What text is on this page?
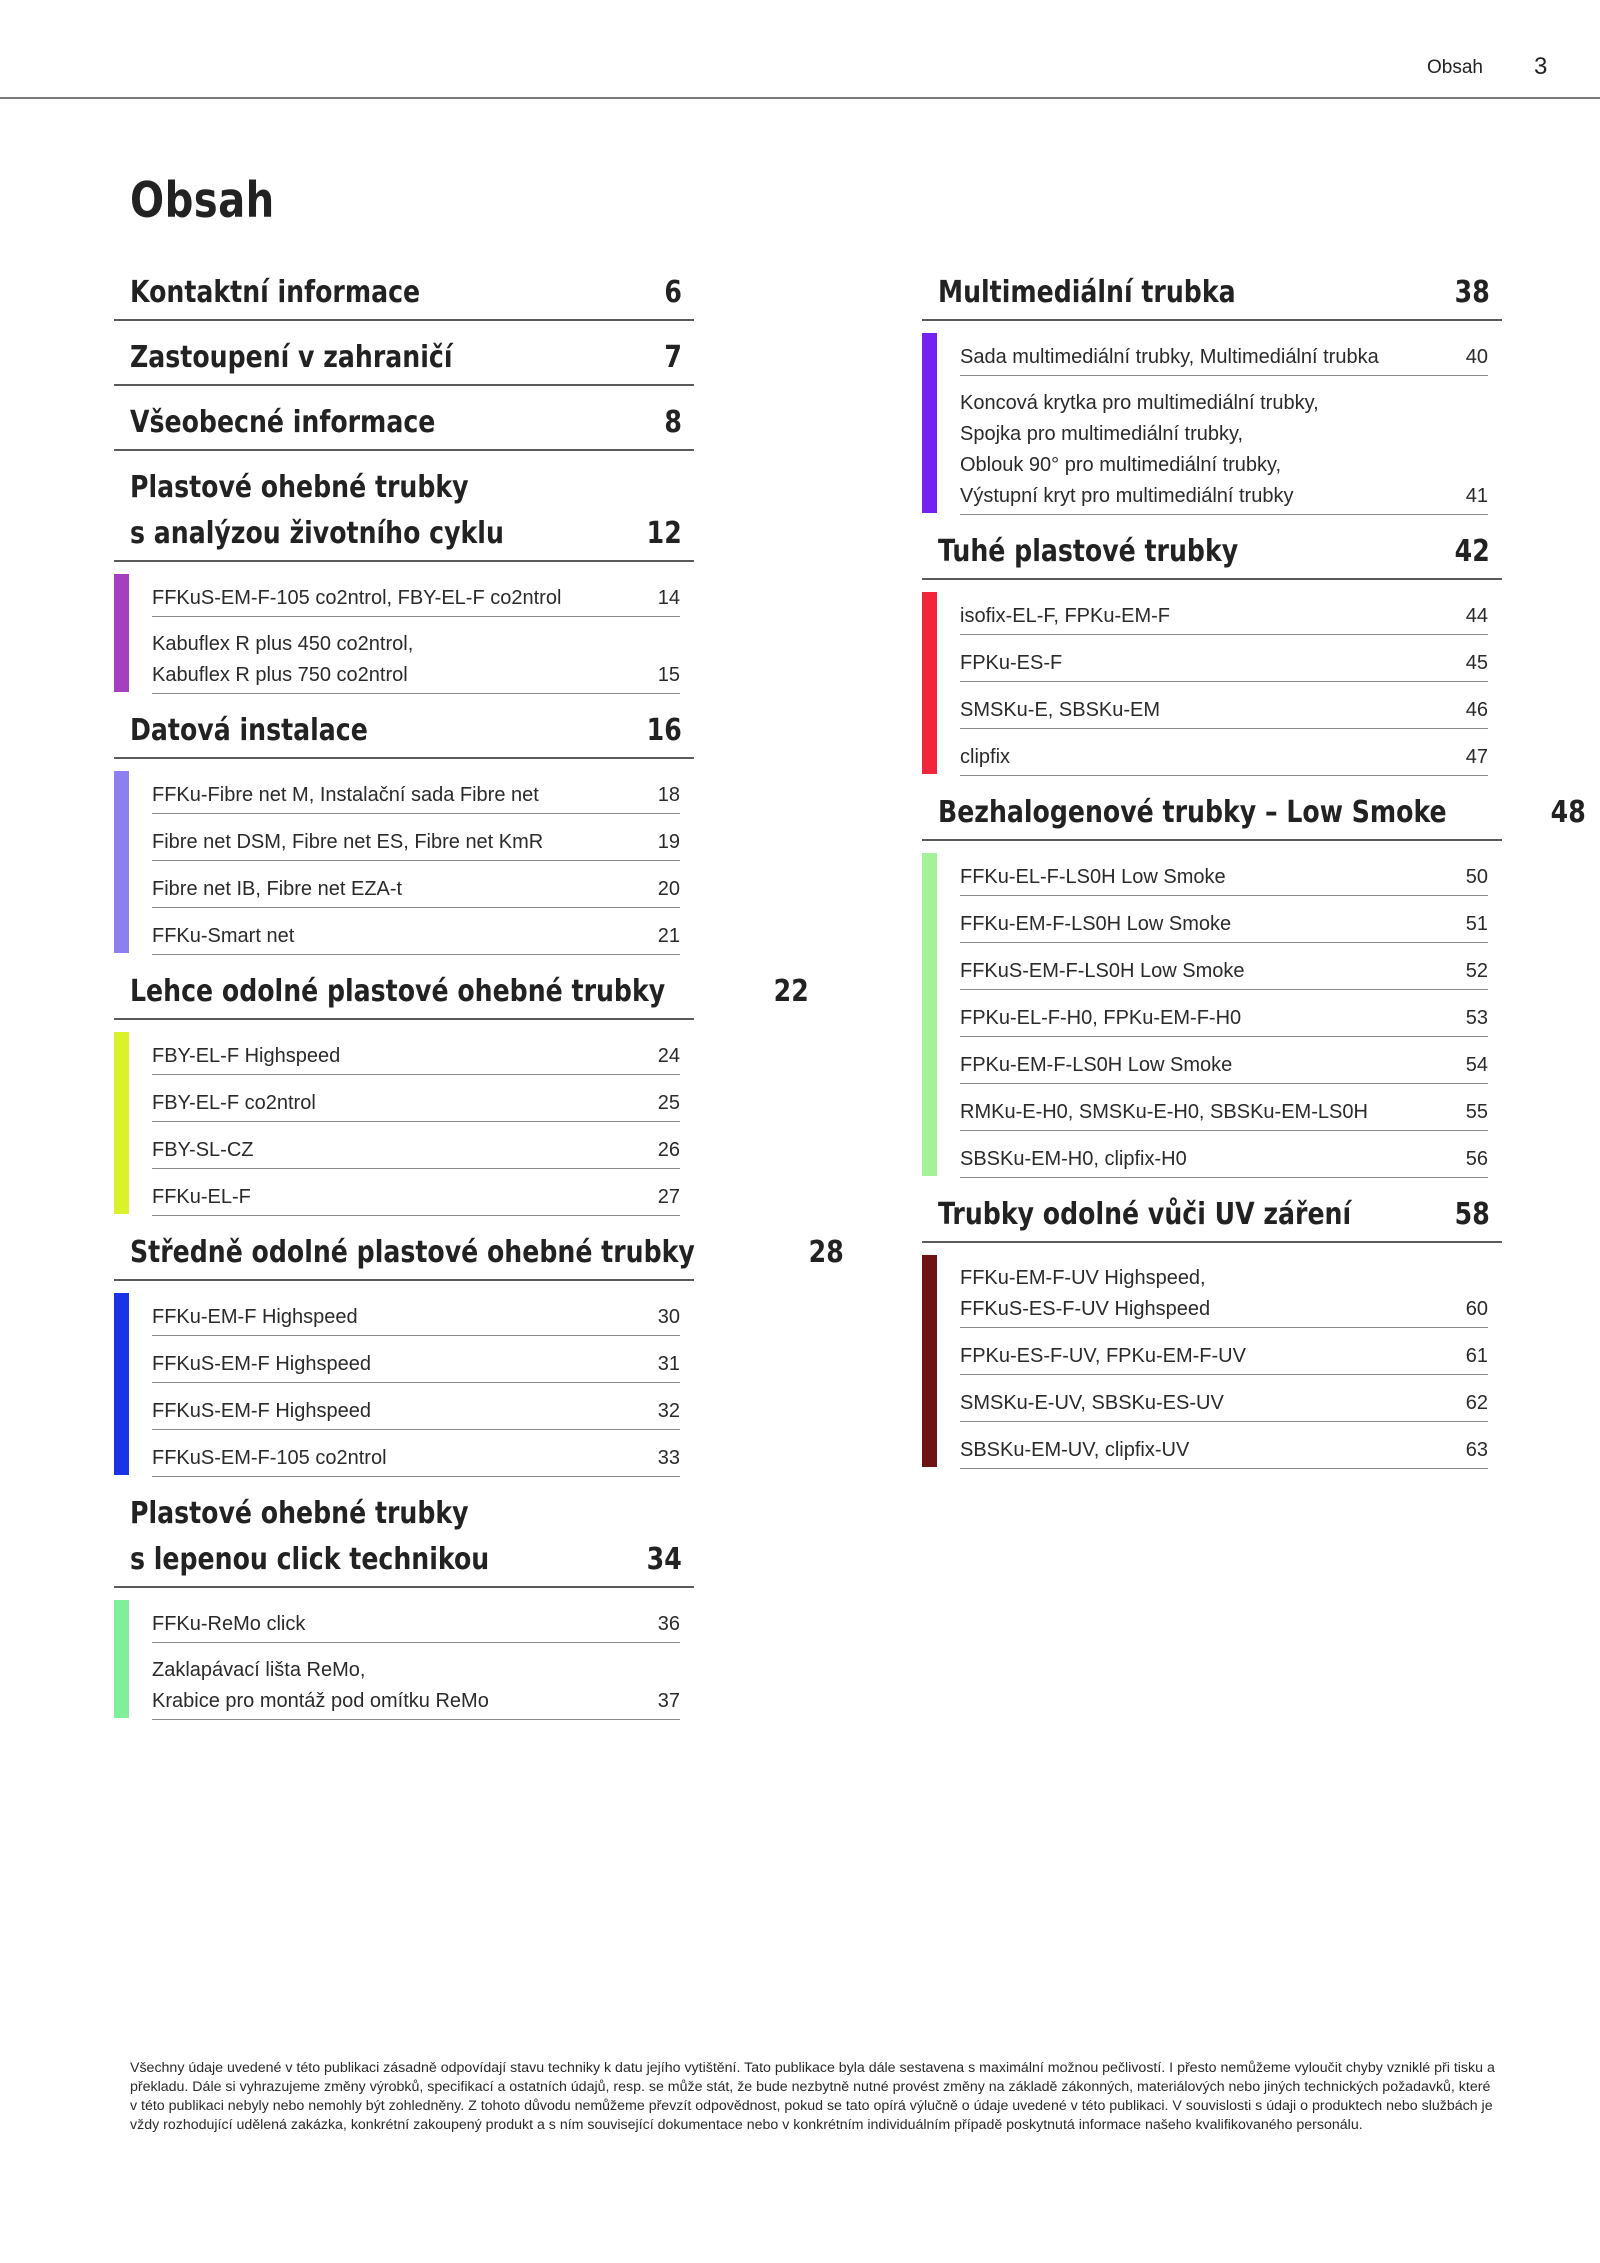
Obsah 3
Obsah
Kontaktní informace	6
Zastoupení v zahraničí	7
Všeobecné informace	8
Plastové ohebné trubky
s analýzou životního cyklu	12
FFKuS-EM-F-105 co2ntrol, FBY-EL-F co2ntrol	14
Kabuflex R plus 450 co2ntrol,
Kabuflex R plus 750 co2ntrol	15
Datová instalace	16
FFKu-Fibre net M, Instalační sada Fibre net	18
Fibre net DSM, Fibre net ES, Fibre net KmR	19
Fibre net IB, Fibre net EZA-t	20
FFKu-Smart net	21
Lehce odolné plastové ohebné trubky	22
FBY-EL-F Highspeed	24
FBY-EL-F co2ntrol	25
FBY-SL-CZ	26
FFKu-EL-F	27
Středně odolné plastové ohebné trubky	28
FFKu-EM-F Highspeed	30
FFKuS-EM-F Highspeed	31
FFKuS-EM-F Highspeed	32
FFKuS-EM-F-105 co2ntrol	33
Plastové ohebné trubky
s lepenou click technikou	34
FFKu-ReMo click	36
Zaklapávací lišta ReMo,
Krabice pro montáž pod omítku ReMo	37
Multimediální trubka	38
Sada multimediální trubky, Multimediální trubka	40
Koncová krytka pro multimediální trubky,
Spojka pro multimediální trubky,
Oblouk 90° pro multimediální trubky,
Výstupní kryt pro multimediální trubky	41
Tuhé plastové trubky	42
isofix-EL-F, FPKu-EM-F	44
FPKu-ES-F	45
SMSKu-E, SBSKu-EM	46
clipfix	47
Bezhalogenové trubky – Low Smoke	48
FFKu-EL-F-LS0H Low Smoke	50
FFKu-EM-F-LS0H Low Smoke	51
FFKuS-EM-F-LS0H Low Smoke	52
FPKu-EL-F-H0, FPKu-EM-F-H0	53
FPKu-EM-F-LS0H Low Smoke	54
RMKu-E-H0, SMSKu-E-H0, SBSKu-EM-LS0H	55
SBSKu-EM-H0, clipfix-H0	56
Trubky odolné vůči UV záření	58
FFKu-EM-F-UV Highspeed,
FFKuS-ES-F-UV Highspeed	60
FPKu-ES-F-UV, FPKu-EM-F-UV	61
SMSKu-E-UV, SBSKu-ES-UV	62
SBSKu-EM-UV, clipfix-UV	63
Všechny údaje uvedené v této publikaci zásadně odpovídají stavu techniky k datu jejího vytištění. Tato publikace byla dále sestavena s maximální možnou pečlivostí. I přesto nemůžeme vyloučit chyby vzniklé při tisku a překladu. Dále si vyhrazujeme změny výrobků, specifikací a ostatních údajů, resp. se může stát, že bude nezbytně nutné provést změny na základě zákonných, materiálových nebo jiných technických požadavků, které v této publikaci nebyly nebo nemohly být zohledněny. Z tohoto důvodu nemůžeme převzít odpovědnost, pokud se tato opírá výlučně o údaje uvedené v této publikaci. V souvislosti s údaji o produktech nebo službách je vždy rozhodující udělená zakázka, konkrétní zakoupený produkt a s ním související dokumentace nebo v konkrétním individuálním případě poskytnutá informace našeho kvalifikovaného personálu.
